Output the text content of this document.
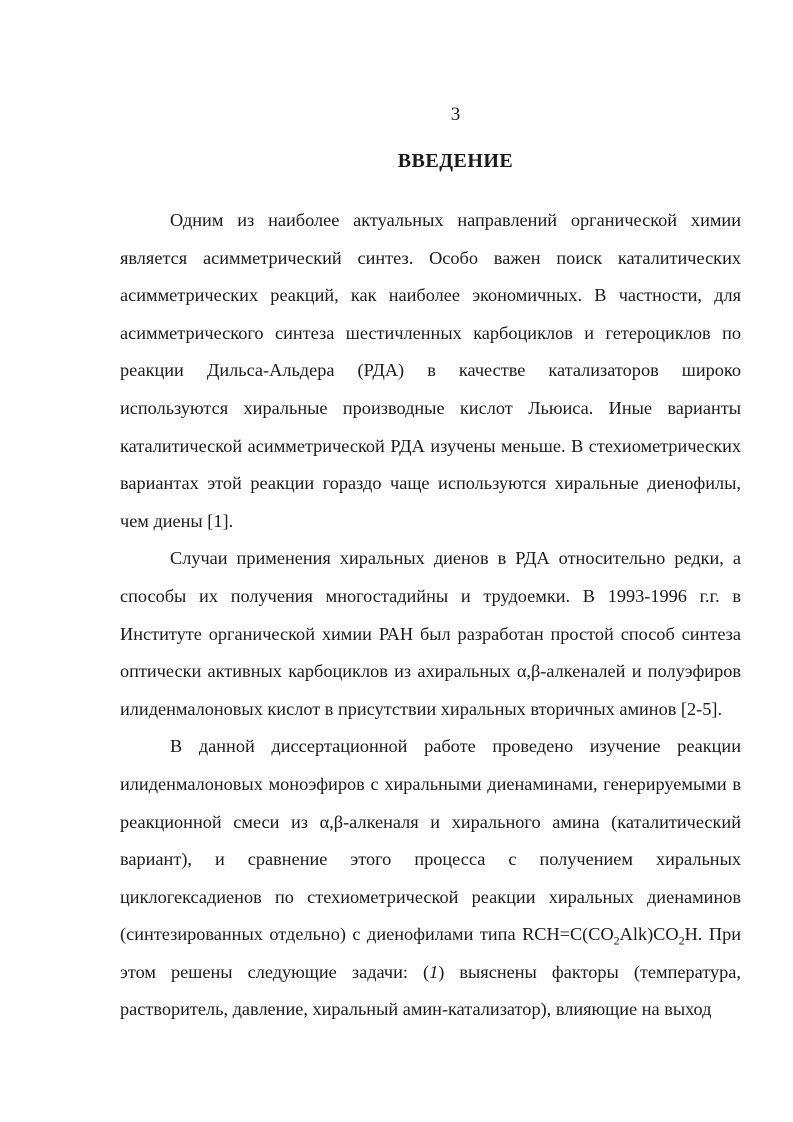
3
ВВЕДЕНИЕ

Одним из наиболее актуальных направлений органической химии является асимметрический синтез. Особо важен поиск каталитических асимметрических реакций, как наиболее экономичных. В частности, для асимметрического синтеза шестичленных карбоциклов и гетероциклов по реакции Дильса-Альдера (РДА) в качестве катализаторов широко используются хиральные производные кислот Льюиса. Иные варианты каталитической асимметрической РДА изучены меньше. В стехиометрических вариантах этой реакции гораздо чаще используются хиральные диенофилы, чем диены [1].

Случаи применения хиральных диенов в РДА относительно редки, а способы их получения многостадийны и трудоемки. В 1993-1996 г.г. в Институте органической химии РАН был разработан простой способ синтеза оптически активных карбоциклов из ахиральных α,β-алкеналей и полуэфиров илиденмалоновых кислот в присутствии хиральных вторичных аминов [2-5].

В данной диссертационной работе проведено изучение реакции илиденмалоновых моноэфиров с хиральными диенаминами, генерируемыми в реакционной смеси из α,β-алкеналя и хирального амина (каталитический вариант), и сравнение этого процесса с получением хиральных циклогексадиенов по стехиометрической реакции хиральных диенаминов (синтезированных отдельно) с диенофилами типа $RCH=C(CO_2Alk)CO_2H$. При этом решены следующие задачи: (1) выяснены факторы (температура, растворитель, давление, хиральный амин-катализатор), влияющие на выход
